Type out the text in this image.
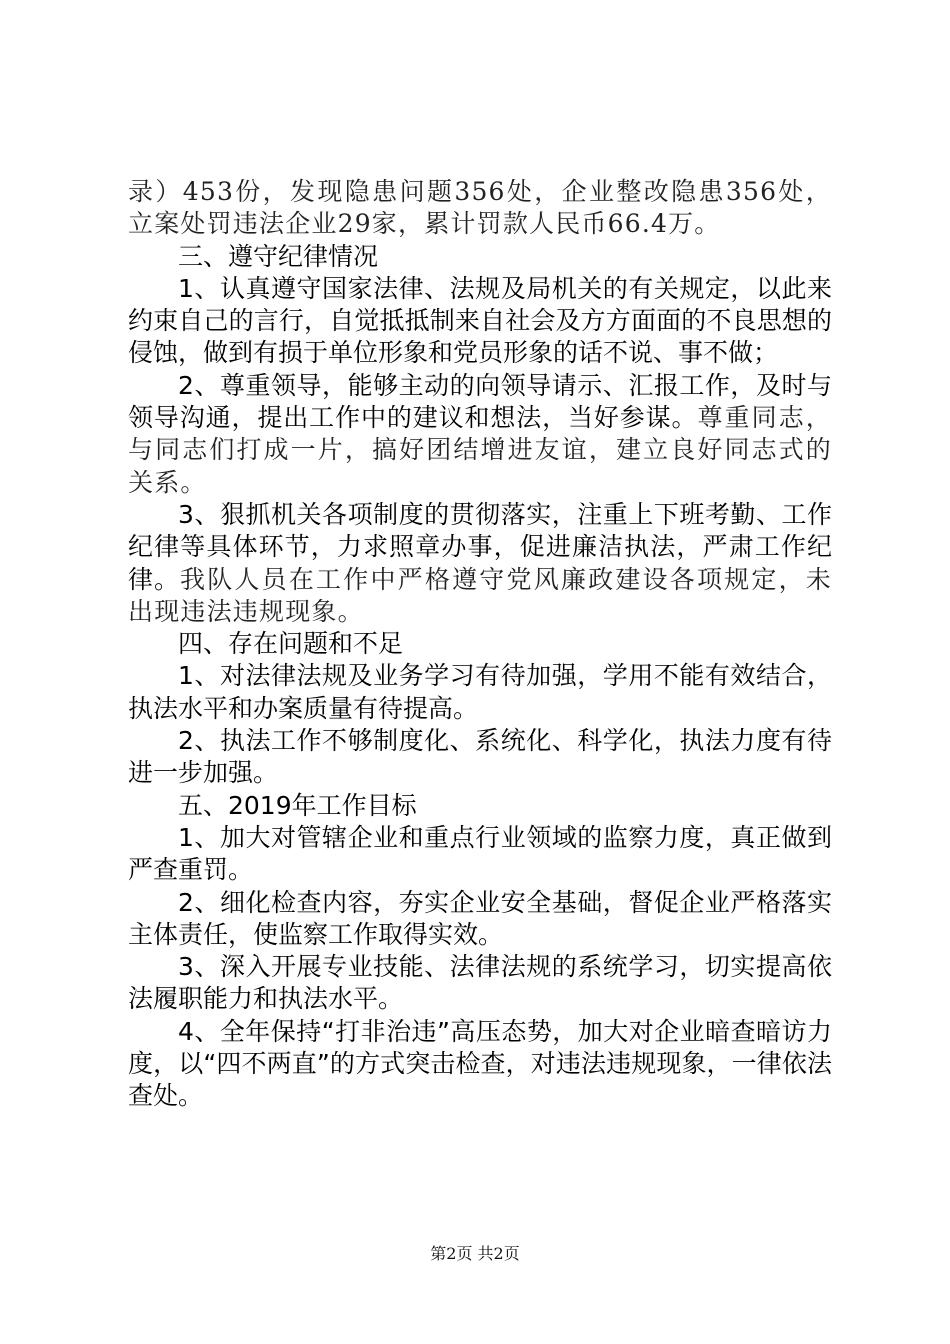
录）453份，发现隐患问题356处，企业整改隐患356处，立案处罚违法企业29家，累计罚款人民币66.4万。

三、遵守纪律情况

1、认真遵守国家法律、法规及局机关的有关规定，以此来约束自己的言行，自觉抵抵制来自社会及方方面面的不良思想的侵蚀，做到有损于单位形象和党员形象的话不说、事不做；

2、尊重领导，能够主动的向领导请示、汇报工作，及时与领导沟通，提出工作中的建议和想法，当好参谋。尊重同志，与同志们打成一片，搞好团结增进友谊，建立良好同志式的关系。

3、狠抓机关各项制度的贯彻落实，注重上下班考勤、工作纪律等具体环节，力求照章办事，促进廉洁执法，严肃工作纪律。我队人员在工作中严格遵守党风廉政建设各项规定，未出现违法违规现象。

四、存在问题和不足

1、对法律法规及业务学习有待加强，学用不能有效结合，执法水平和办案质量有待提高。

2、执法工作不够制度化、系统化、科学化，执法力度有待进一步加强。

五、2019年工作目标

1、加大对管辖企业和重点行业领域的监察力度，真正做到严查重罚。

2、细化检查内容，夯实企业安全基础，督促企业严格落实主体责任，使监察工作取得实效。

3、深入开展专业技能、法律法规的系统学习，切实提高依法履职能力和执法水平。

4、全年保持“打非治违”高压态势，加大对企业暗查暗访力度，以“四不两直”的方式突击检查，对违法违规现象，一律依法查处。

第2页 共2页
